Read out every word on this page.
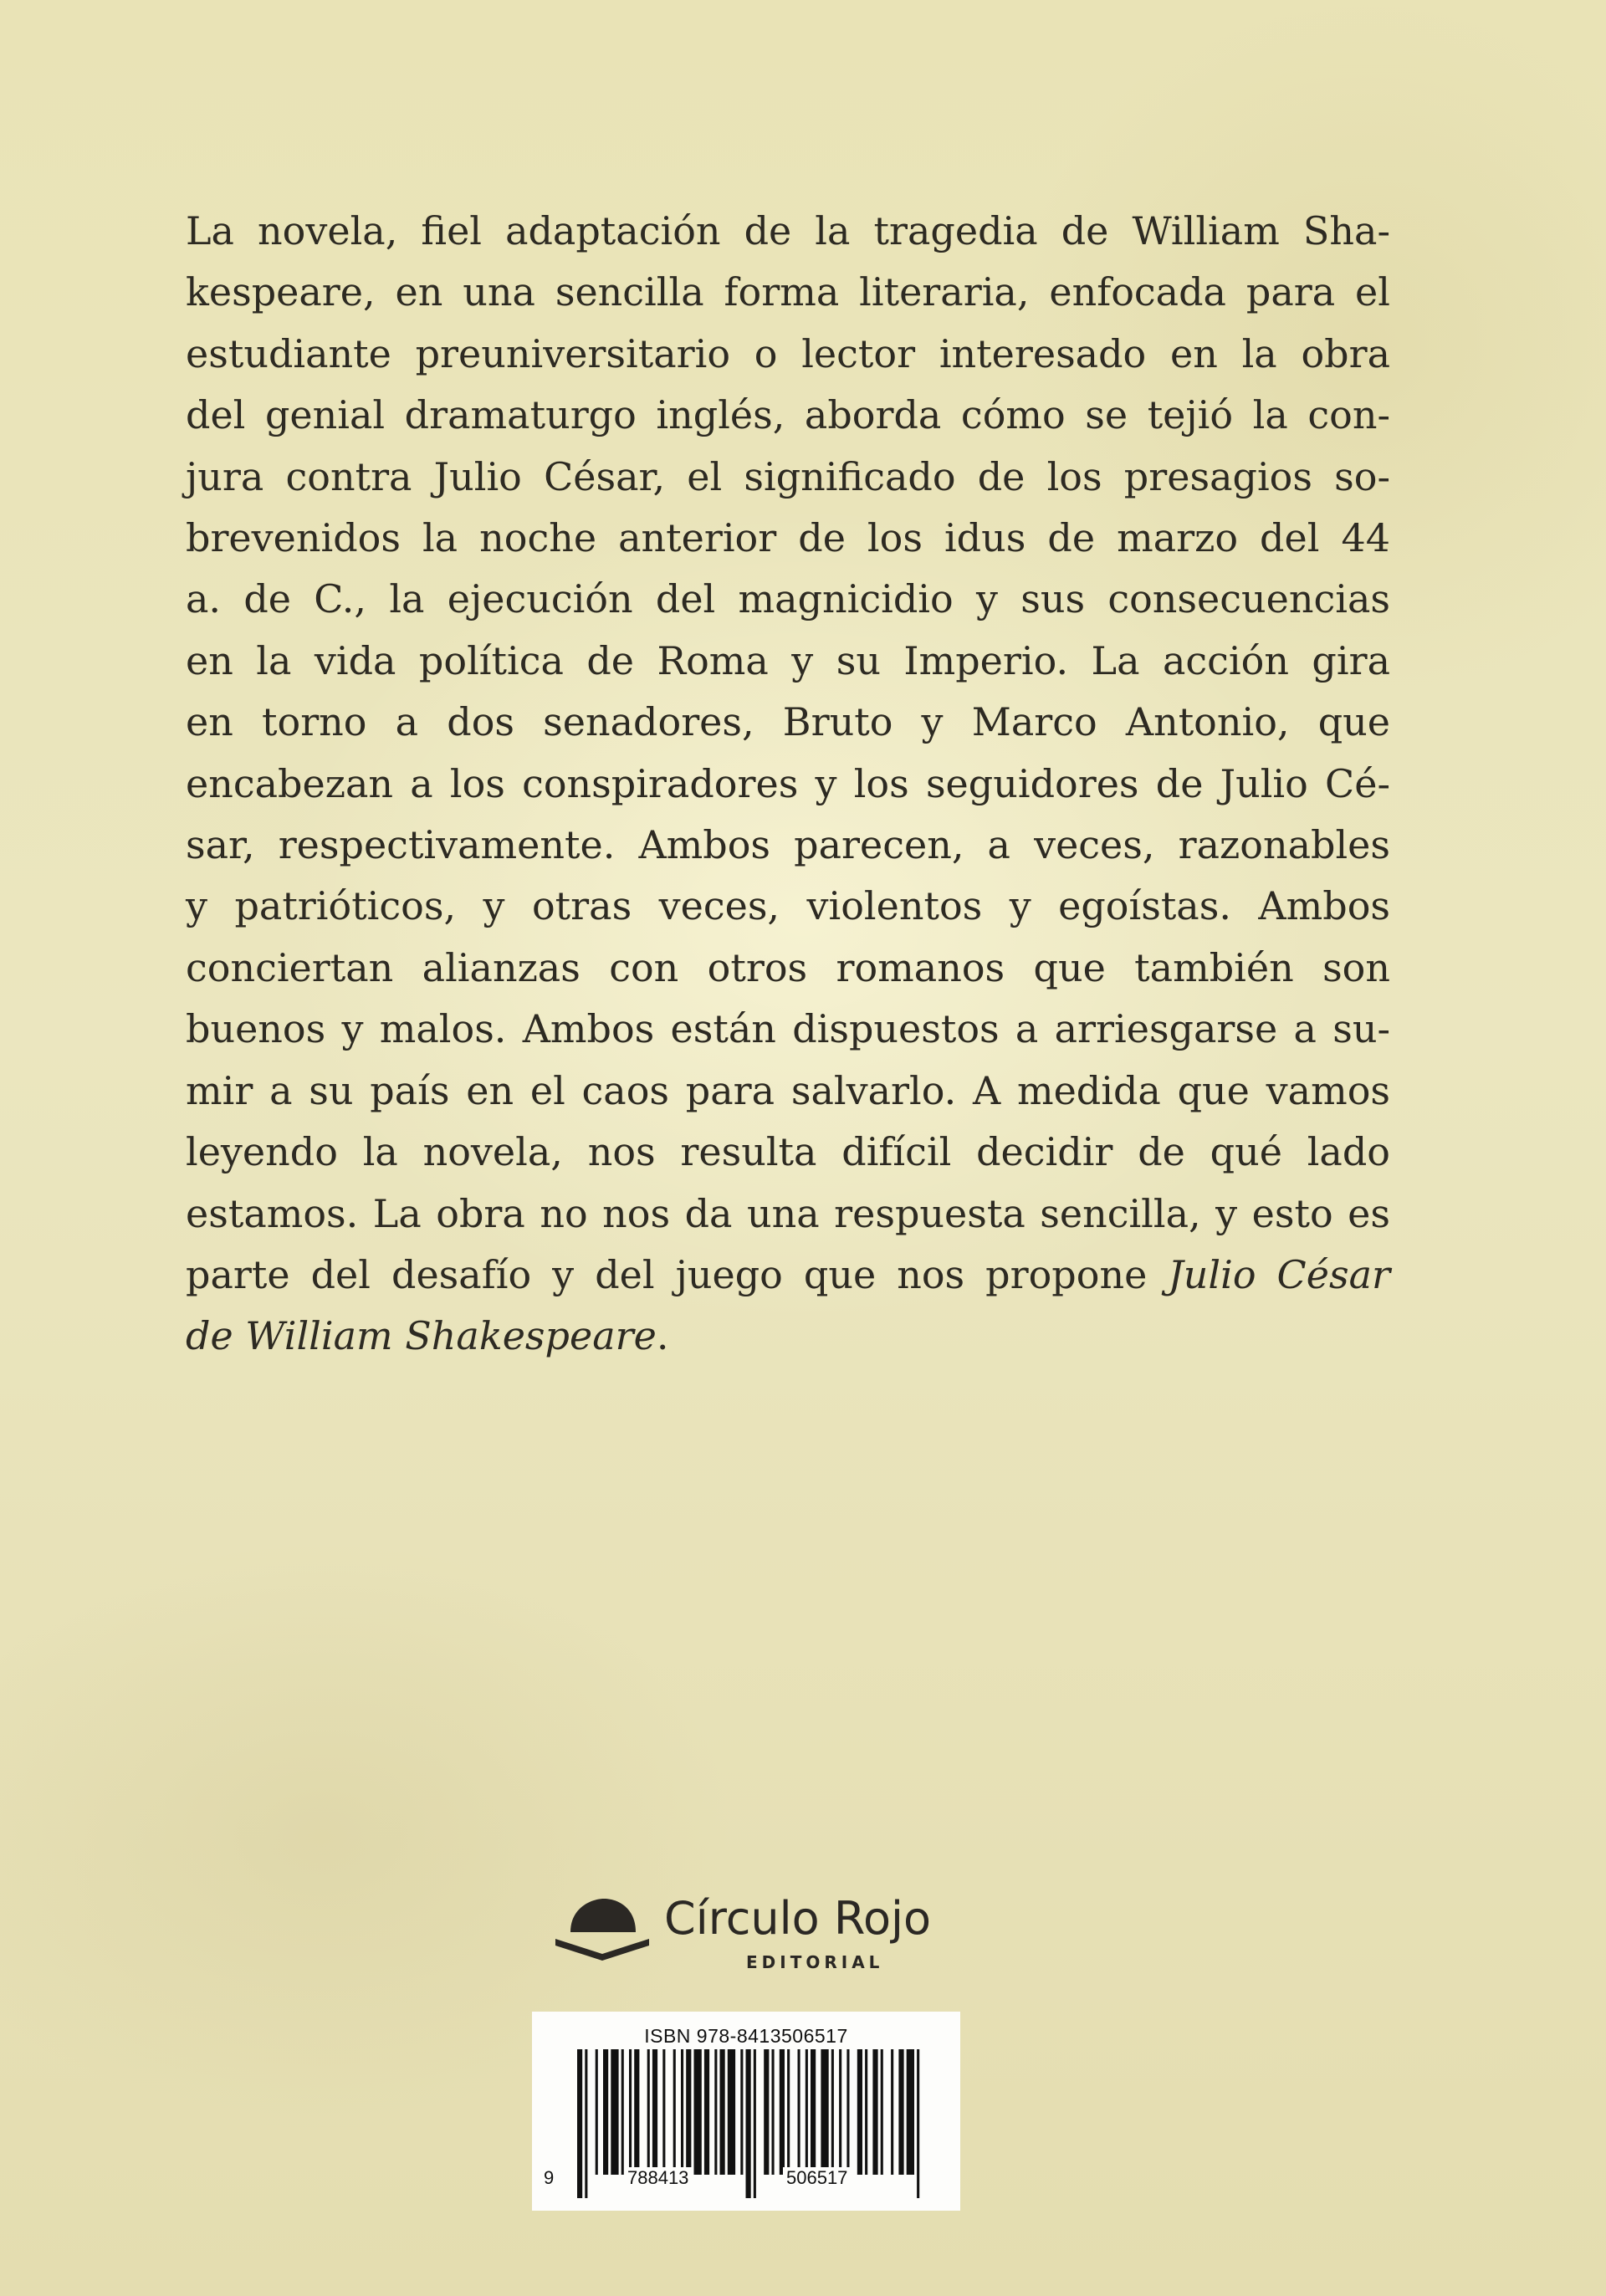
La novela, fiel adaptación de la tragedia de William Sha-
kespeare, en una sencilla forma literaria, enfocada para el
estudiante preuniversitario o lector interesado en la obra
del genial dramaturgo inglés, aborda cómo se tejió la con-
jura contra Julio César, el significado de los presagios so-
brevenidos la noche anterior de los idus de marzo del 44
a. de C., la ejecución del magnicidio y sus consecuencias
en la vida política de Roma y su Imperio. La acción gira
en torno a dos senadores, Bruto y Marco Antonio, que
encabezan a los conspiradores y los seguidores de Julio Cé-
sar, respectivamente. Ambos parecen, a veces, razonables
y patrióticos, y otras veces, violentos y egoístas. Ambos
conciertan alianzas con otros romanos que también son
buenos y malos. Ambos están dispuestos a arriesgarse a su-
mir a su país en el caos para salvarlo. A medida que vamos
leyendo la novela, nos resulta difícil decidir de qué lado
estamos. La obra no nos da una respuesta sencilla, y esto es
parte del desafío y del juego que nos propone Julio César
de William Shakespeare.

Círculo Rojo
EDITORIAL
ISBN 978-8413506517
9	788413	506517
